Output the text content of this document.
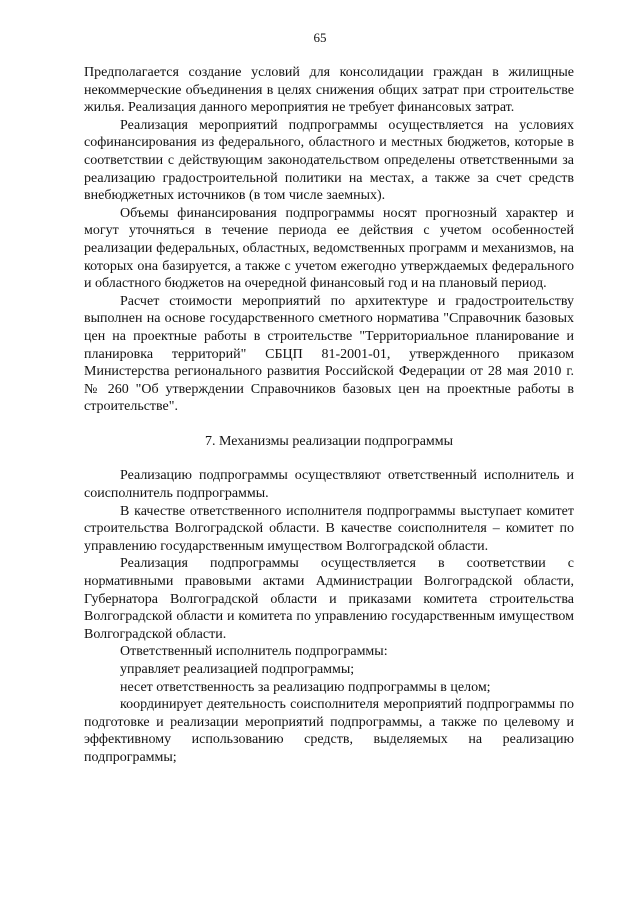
65

Предполагается создание условий для консолидации граждан в жилищные некоммерческие объединения в целях снижения общих затрат при строительстве жилья. Реализация данного мероприятия не требует финансовых затрат.

Реализация мероприятий подпрограммы осуществляется на условиях софинансирования из федерального, областного и местных бюджетов, которые в соответствии с действующим законодательством определены ответственными за реализацию градостроительной политики на местах, а также за счет средств внебюджетных источников (в том числе заемных).

Объемы финансирования подпрограммы носят прогнозный характер и могут уточняться в течение периода ее действия с учетом особенностей реализации федеральных, областных, ведомственных программ и механизмов, на которых она базируется, а также с учетом ежегодно утверждаемых федерального и областного бюджетов на очередной финансовый год и на плановый период.

Расчет стоимости мероприятий по архитектуре и градостроительству выполнен на основе государственного сметного норматива "Справочник базовых цен на проектные работы в строительстве "Территориальное планирование и планировка территорий" СБЦП 81-2001-01, утвержденного приказом Министерства регионального развития Российской Федерации от 28 мая 2010 г. № 260 "Об утверждении Справочников базовых цен на проектные работы в строительстве".

7. Механизмы реализации подпрограммы

Реализацию подпрограммы осуществляют ответственный исполнитель и соисполнитель подпрограммы.

В качестве ответственного исполнителя подпрограммы выступает комитет строительства Волгоградской области. В качестве соисполнителя – комитет по управлению государственным имуществом Волгоградской области.

Реализация подпрограммы осуществляется в соответствии с нормативными правовыми актами Администрации Волгоградской области, Губернатора Волгоградской области и приказами комитета строительства Волгоградской области и комитета по управлению государственным имуществом Волгоградской области.

Ответственный исполнитель подпрограммы:

управляет реализацией подпрограммы;

несет ответственность за реализацию подпрограммы в целом;

координирует деятельность соисполнителя мероприятий подпрограммы по подготовке и реализации мероприятий подпрограммы, а также по целевому и эффективному использованию средств, выделяемых на реализацию подпрограммы;
